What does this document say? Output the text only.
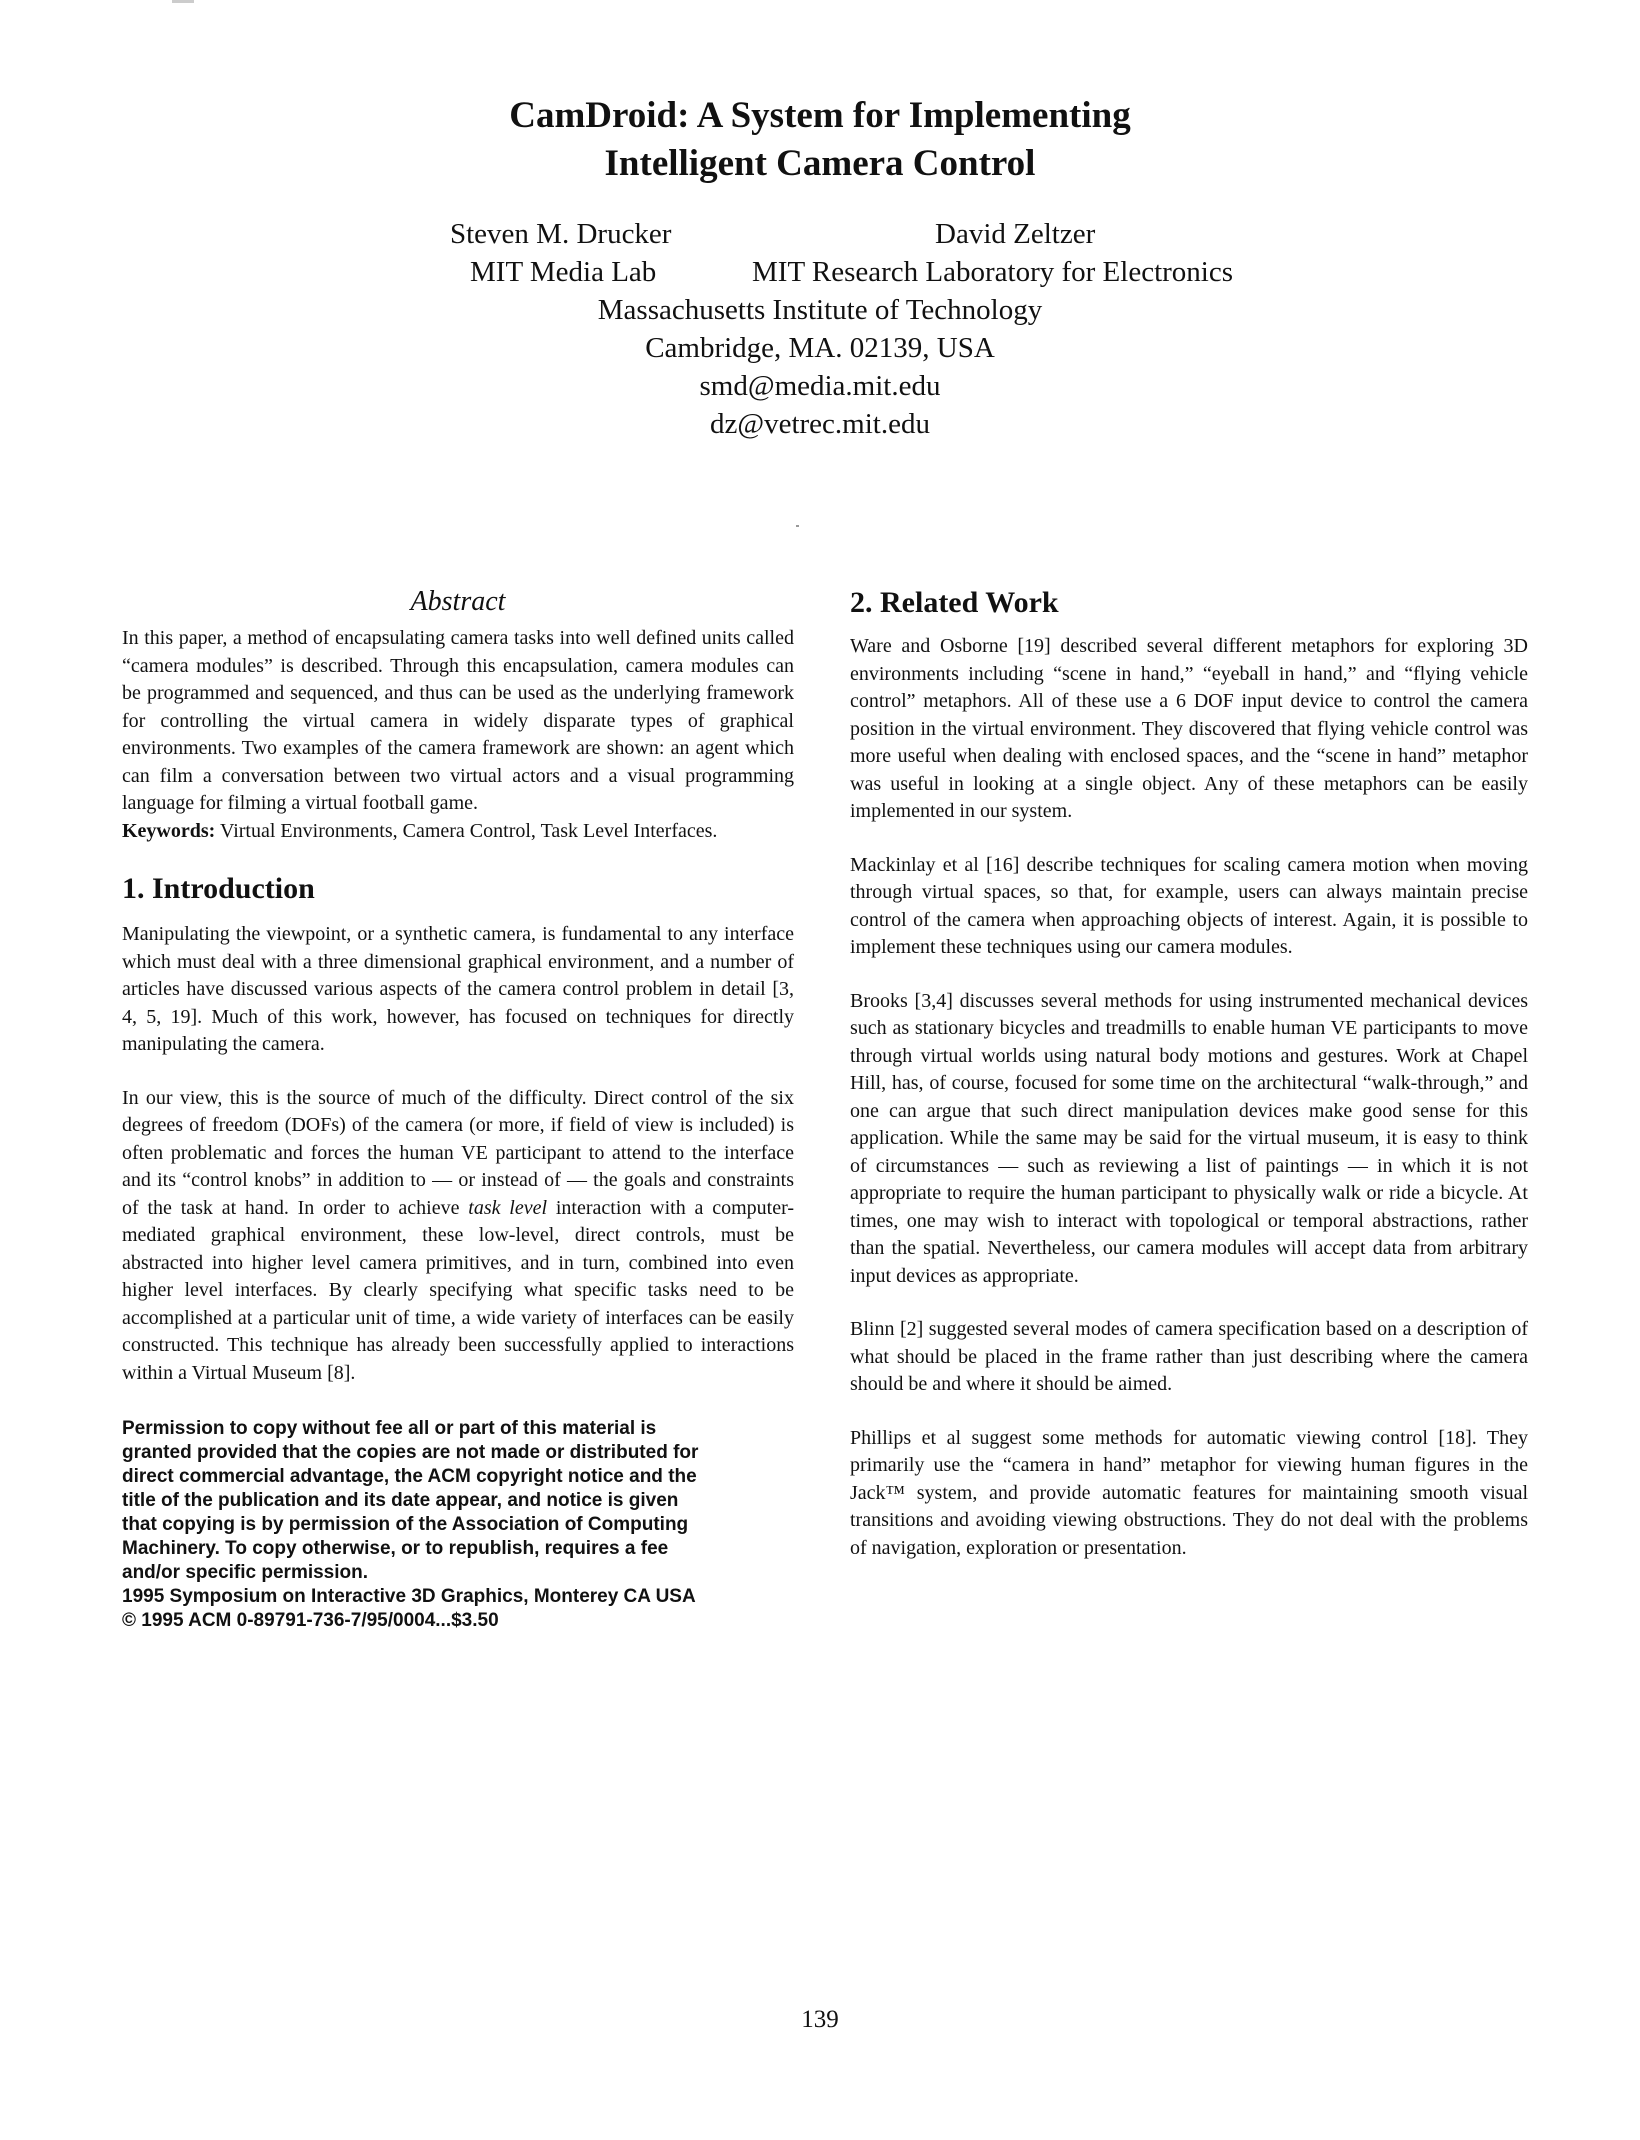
CamDroid: A System for Implementing
Intelligent Camera Control
Steven M. Drucker	David Zeltzer
MIT Media Lab	MIT Research Laboratory for Electronics
Massachusetts Institute of Technology
Cambridge, MA. 02139, USA
smd@media.mit.edu
dz@vetrec.mit.edu
Abstract

In this paper, a method of encapsulating camera tasks into well defined units called “camera modules” is described. Through this encapsulation, camera modules can be programmed and sequenced, and thus can be used as the underlying framework for controlling the virtual camera in widely disparate types of graphical environments. Two examples of the camera framework are shown: an agent which can film a conversation between two virtual actors and a visual programming language for filming a virtual football game.

Keywords: Virtual Environments, Camera Control, Task Level Interfaces.

1. Introduction

Manipulating the viewpoint, or a synthetic camera, is fundamental to any interface which must deal with a three dimensional graphical environment, and a number of articles have discussed various aspects of the camera control problem in detail [3, 4, 5, 19]. Much of this work, however, has focused on techniques for directly manipulating the camera.

In our view, this is the source of much of the difficulty. Direct control of the six degrees of freedom (DOFs) of the camera (or more, if field of view is included) is often problematic and forces the human VE participant to attend to the interface and its “control knobs” in addition to — or instead of — the goals and constraints of the task at hand. In order to achieve task level interaction with a computer-mediated graphical environment, these low-level, direct controls, must be abstracted into higher level camera primitives, and in turn, combined into even higher level interfaces. By clearly specifying what specific tasks need to be accomplished at a particular unit of time, a wide variety of interfaces can be easily constructed. This technique has already been successfully applied to interactions within a Virtual Museum [8].

Permission to copy without fee all or part of this material is
granted provided that the copies are not made or distributed for
direct commercial advantage, the ACM copyright notice and the
title of the publication and its date appear, and notice is given
that copying is by permission of the Association of Computing
Machinery. To copy otherwise, or to republish, requires a fee
and/or specific permission.
1995 Symposium on Interactive 3D Graphics, Monterey CA USA
© 1995 ACM 0-89791-736-7/95/0004...$3.50
2. Related Work

Ware and Osborne [19] described several different metaphors for exploring 3D environments including “scene in hand,” “eyeball in hand,” and “flying vehicle control” metaphors. All of these use a 6 DOF input device to control the camera position in the virtual environment. They discovered that flying vehicle control was more useful when dealing with enclosed spaces, and the “scene in hand” metaphor was useful in looking at a single object. Any of these metaphors can be easily implemented in our system.

Mackinlay et al [16] describe techniques for scaling camera motion when moving through virtual spaces, so that, for example, users can always maintain precise control of the camera when approaching objects of interest. Again, it is possible to implement these techniques using our camera modules.

Brooks [3,4] discusses several methods for using instrumented mechanical devices such as stationary bicycles and treadmills to enable human VE participants to move through virtual worlds using natural body motions and gestures. Work at Chapel Hill, has, of course, focused for some time on the architectural “walk-through,” and one can argue that such direct manipulation devices make good sense for this application. While the same may be said for the virtual museum, it is easy to think of circumstances — such as reviewing a list of paintings — in which it is not appropriate to require the human participant to physically walk or ride a bicycle. At times, one may wish to interact with topological or temporal abstractions, rather than the spatial. Nevertheless, our camera modules will accept data from arbitrary input devices as appropriate.

Blinn [2] suggested several modes of camera specification based on a description of what should be placed in the frame rather than just describing where the camera should be and where it should be aimed.

Phillips et al suggest some methods for automatic viewing control [18]. They primarily use the “camera in hand” metaphor for viewing human figures in the Jack™ system, and provide automatic features for maintaining smooth visual transitions and avoiding viewing obstructions. They do not deal with the problems of navigation, exploration or presentation.

139
